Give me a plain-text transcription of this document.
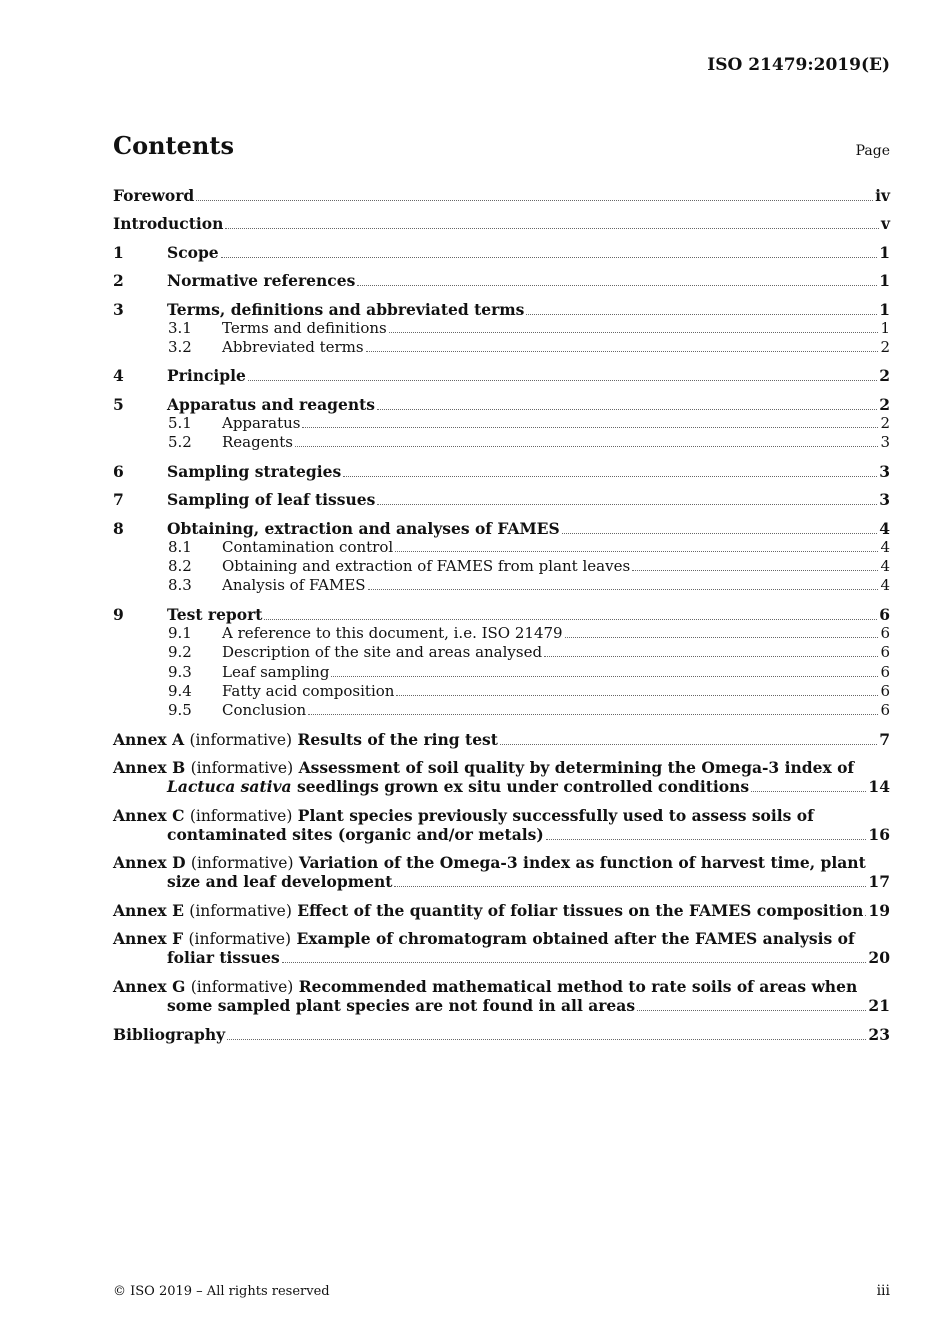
ISO 21479:2019(E)
Contents	Page
Foreword	iv
Introduction	v
1	Scope	1
2	Normative references	1
3	Terms, definitions and abbreviated terms	1
3.1 Terms and definitions	1
3.2 Abbreviated terms	2
4	Principle	2
5	Apparatus and reagents	2
5.1 Apparatus	2
5.2 Reagents	3
6	Sampling strategies	3
7	Sampling of leaf tissues	3
8	Obtaining, extraction and analyses of FAMES	4
8.1 Contamination control	4
8.2 Obtaining and extraction of FAMES from plant leaves	4
8.3 Analysis of FAMES	4
9	Test report	6
9.1 A reference to this document, i.e. ISO 21479	6
9.2 Description of the site and areas analysed	6
9.3 Leaf sampling	6
9.4 Fatty acid composition	6
9.5 Conclusion	6
Annex A (informative) Results of the ring test	7
Annex B (informative) Assessment of soil quality by determining the Omega-3 index of
Lactuca sativa seedlings grown ex situ under controlled conditions	14
Annex C (informative) Plant species previously successfully used to assess soils of
contaminated sites (organic and/or metals)	16
Annex D (informative) Variation of the Omega-3 index as function of harvest time, plant
size and leaf development	17
Annex E (informative) Effect of the quantity of foliar tissues on the FAMES composition 19
Annex F (informative) Example of chromatogram obtained after the FAMES analysis of
foliar tissues	20
Annex G (informative) Recommended mathematical method to rate soils of areas when
some sampled plant species are not found in all areas	21
Bibliography	23
© ISO 2019 – All rights reserved	iii
